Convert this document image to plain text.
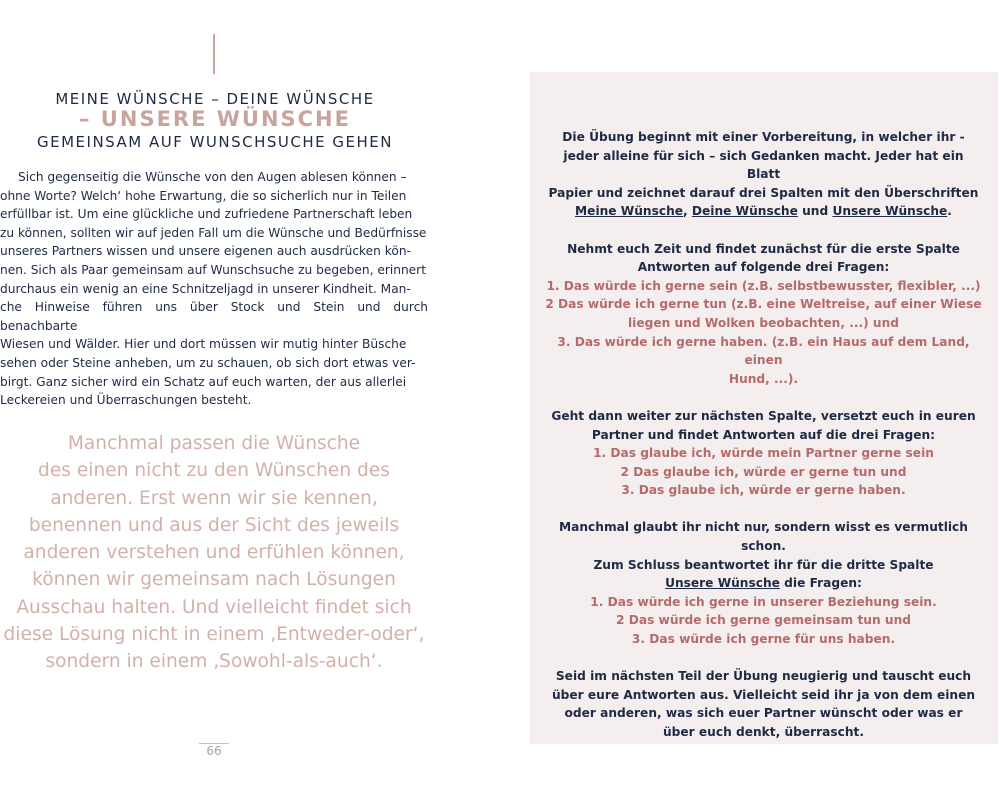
MEINE WÜNSCHE – DEINE WÜNSCHE
– UNSERE WÜNSCHE
GEMEINSAM AUF WUNSCHSUCHE GEHEN

Sich gegenseitig die Wünsche von den Augen ablesen können –
ohne Worte? Welch‘ hohe Erwartung, die so sicherlich nur in Teilen
erfüllbar ist. Um eine glückliche und zufriedene Partnerschaft leben
zu können, sollten wir auf jeden Fall um die Wünsche und Bedürfnisse
unseres Partners wissen und unsere eigenen auch ausdrücken kön-
nen. Sich als Paar gemeinsam auf Wunschsuche zu begeben, erinnert
durchaus ein wenig an eine Schnitzeljagd in unserer Kindheit. Man-
che Hinweise führen uns über Stock und Stein und durch benachbarte
Wiesen und Wälder. Hier und dort müssen wir mutig hinter Büsche
sehen oder Steine anheben, um zu schauen, ob sich dort etwas ver-
birgt. Ganz sicher wird ein Schatz auf euch warten, der aus allerlei
Leckereien und Überraschungen besteht.

Manchmal passen die Wünsche
des einen nicht zu den Wünschen des
anderen. Erst wenn wir sie kennen,
benennen und aus der Sicht des jeweils
anderen verstehen und erfühlen können,
können wir gemeinsam nach Lösungen
Ausschau halten. Und vielleicht findet sich
diese Lösung nicht in einem ‚Entweder-oder‘,
sondern in einem ‚Sowohl-als-auch‘.

66

Die Übung beginnt mit einer Vorbereitung, in welcher ihr -
jeder alleine für sich – sich Gedanken macht. Jeder hat ein Blatt
Papier und zeichnet darauf drei Spalten mit den Überschriften
Meine Wünsche, Deine Wünsche und Unsere Wünsche.

Nehmt euch Zeit und findet zunächst für die erste Spalte
Antworten auf folgende drei Fragen:
1. Das würde ich gerne sein (z.B. selbstbewusster, flexibler, ...)
2 Das würde ich gerne tun (z.B. eine Weltreise, auf einer Wiese
liegen und Wolken beobachten, ...) und
3. Das würde ich gerne haben. (z.B. ein Haus auf dem Land, einen
Hund, ...).

Geht dann weiter zur nächsten Spalte, versetzt euch in euren
Partner und findet Antworten auf die drei Fragen:
1. Das glaube ich, würde mein Partner gerne sein
2 Das glaube ich, würde er gerne tun und
3. Das glaube ich, würde er gerne haben.

Manchmal glaubt ihr nicht nur, sondern wisst es vermutlich schon.
Zum Schluss beantwortet ihr für die dritte Spalte
Unsere Wünsche die Fragen:
1. Das würde ich gerne in unserer Beziehung sein.
2 Das würde ich gerne gemeinsam tun und
3. Das würde ich gerne für uns haben.

Seid im nächsten Teil der Übung neugierig und tauscht euch
über eure Antworten aus. Vielleicht seid ihr ja von dem einen
oder anderen, was sich euer Partner wünscht oder was er
über euch denkt, überrascht.
